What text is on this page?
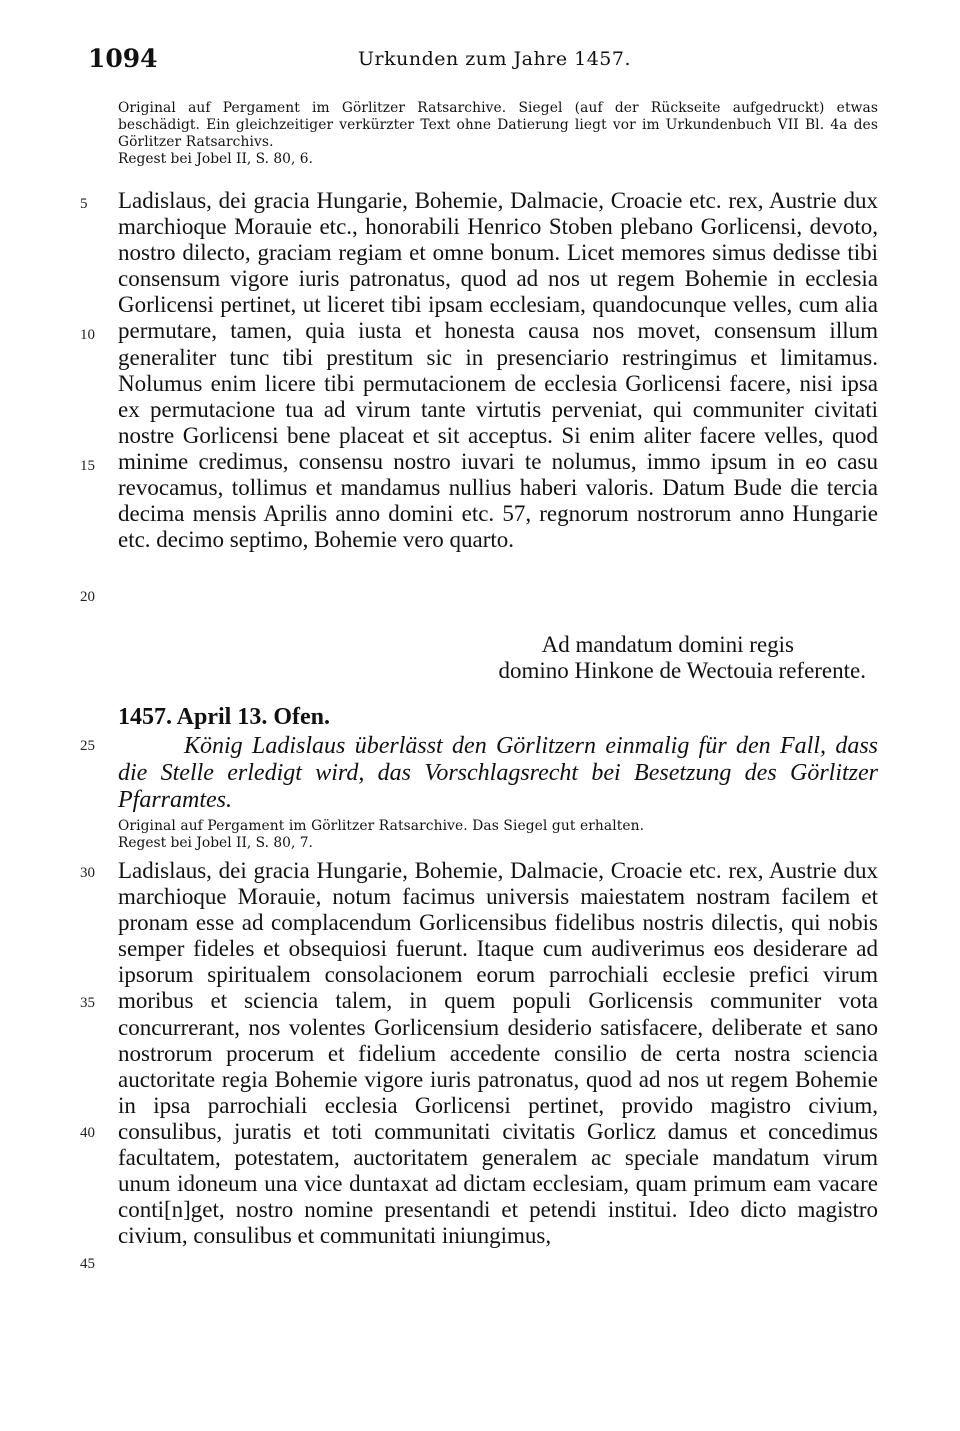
1094	Urkunden zum Jahre 1457.
5
10
15
20
25
30
35
40
45

Original auf Pergament im Görlitzer Ratsarchive. Siegel (auf der Rückseite aufgedruckt) etwas beschädigt. Ein gleichzeitiger verkürzter Text ohne Datierung liegt vor im Urkundenbuch VII Bl. 4a des Görlitzer Ratsarchivs.

Regest bei Jobel II, S. 80, 6.

Ladislaus, dei gracia Hungarie, Bohemie, Dalmacie, Croacie etc. rex, Austrie dux marchioque Morauie etc., honorabili Henrico Stoben plebano Gorlicensi, devoto, nostro dilecto, graciam regiam et omne bonum. Licet memores simus dedisse tibi consensum vigore iuris patronatus, quod ad nos ut regem Bohemie in ecclesia Gorlicensi pertinet, ut liceret tibi ipsam ecclesiam, quandocunque velles, cum alia permutare, tamen, quia iusta et honesta causa nos movet, consensum illum generaliter tunc tibi prestitum sic in presenciario restringimus et limitamus. Nolumus enim licere tibi permutacionem de ecclesia Gorlicensi facere, nisi ipsa ex permutacione tua ad virum tante virtutis perveniat, qui communiter civitati nostre Gorlicensi bene placeat et sit acceptus. Si enim aliter facere velles, quod minime credimus, consensu nostro iuvari te nolumus, immo ipsum in eo casu revocamus, tollimus et mandamus nullius haberi valoris. Datum Bude die tercia decima mensis Aprilis anno domini etc. 57, regnorum nostrorum anno Hungarie etc. decimo septimo, Bohemie vero quarto.

Ad mandatum domini regis

domino Hinkone de Wectouia referente.

1457. April 13. Ofen.

König Ladislaus überlässt den Görlitzern einmalig für den Fall, dass die Stelle erledigt wird, das Vorschlagsrecht bei Besetzung des Görlitzer Pfarramtes.

Original auf Pergament im Görlitzer Ratsarchive. Das Siegel gut erhalten.

Regest bei Jobel II, S. 80, 7.

Ladislaus, dei gracia Hungarie, Bohemie, Dalmacie, Croacie etc. rex, Austrie dux marchioque Morauie, notum facimus universis maiestatem nostram facilem et pronam esse ad complacendum Gorlicensibus fidelibus nostris dilectis, qui nobis semper fideles et obsequiosi fuerunt. Itaque cum audiverimus eos desiderare ad ipsorum spiritualem consolacionem eorum parrochiali ecclesie prefici virum moribus et sciencia talem, in quem populi Gorlicensis communiter vota concurrerant, nos volentes Gorlicensium desiderio satisfacere, deliberate et sano nostrorum procerum et fidelium accedente consilio de certa nostra sciencia auctoritate regia Bohemie vigore iuris patronatus, quod ad nos ut regem Bohemie in ipsa parrochiali ecclesia Gorlicensi pertinet, provido magistro civium, consulibus, juratis et toti communitati civitatis Gorlicz damus et concedimus facultatem, potestatem, auctoritatem generalem ac speciale mandatum virum unum idoneum una vice duntaxat ad dictam ecclesiam, quam primum eam vacare conti[n]get, nostro nomine presentandi et petendi institui. Ideo dicto magistro civium, consulibus et communitati iniungimus,
